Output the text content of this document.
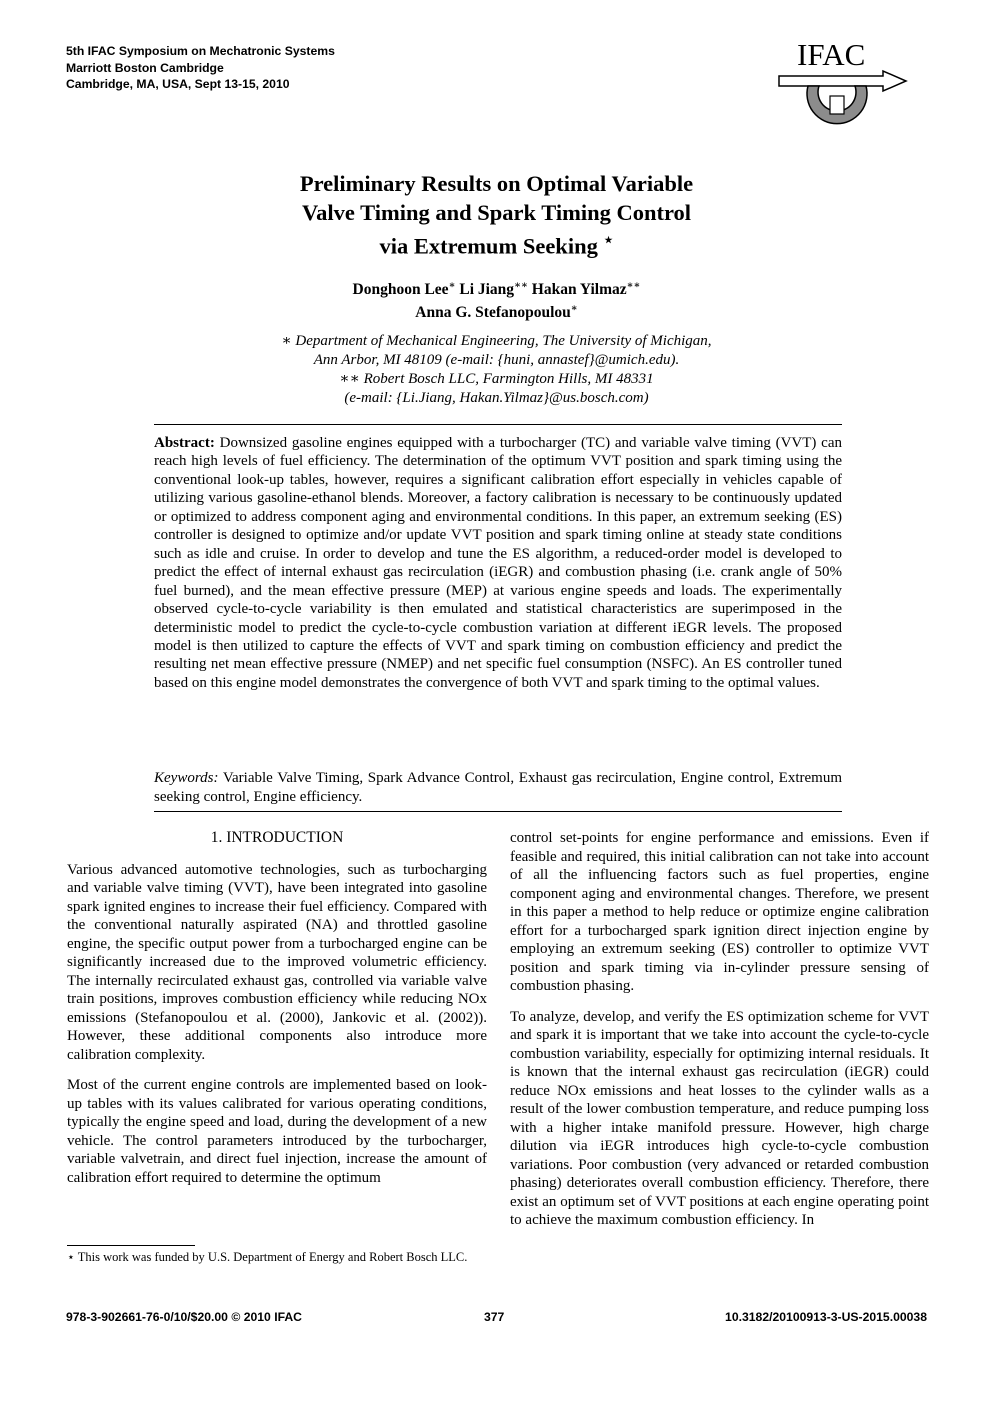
5th IFAC Symposium on Mechatronic Systems
Marriott Boston Cambridge
Cambridge, MA, USA, Sept 13-15, 2010
IFAC
Preliminary Results on Optimal Variable
Valve Timing and Spark Timing Control
via Extremum Seeking ⋆
Donghoon Lee∗ Li Jiang∗∗ Hakan Yilmaz∗∗
Anna G. Stefanopoulou∗
∗ Department of Mechanical Engineering, The University of Michigan,
Ann Arbor, MI 48109 (e-mail: {huni, annastef}@umich.edu).
∗∗ Robert Bosch LLC, Farmington Hills, MI 48331
(e-mail: {Li.Jiang, Hakan.Yilmaz}@us.bosch.com)
Abstract: Downsized gasoline engines equipped with a turbocharger (TC) and variable valve timing (VVT) can reach high levels of fuel efficiency. The determination of the optimum VVT position and spark timing using the conventional look-up tables, however, requires a significant calibration effort especially in vehicles capable of utilizing various gasoline-ethanol blends. Moreover, a factory calibration is necessary to be continuously updated or optimized to address component aging and environmental conditions. In this paper, an extremum seeking (ES) controller is designed to optimize and/or update VVT position and spark timing online at steady state conditions such as idle and cruise. In order to develop and tune the ES algorithm, a reduced-order model is developed to predict the effect of internal exhaust gas recirculation (iEGR) and combustion phasing (i.e. crank angle of 50% fuel burned), and the mean effective pressure (MEP) at various engine speeds and loads. The experimentally observed cycle-to-cycle variability is then emulated and statistical characteristics are superimposed in the deterministic model to predict the cycle-to-cycle combustion variation at different iEGR levels. The proposed model is then utilized to capture the effects of VVT and spark timing on combustion efficiency and predict the resulting net mean effective pressure (NMEP) and net specific fuel consumption (NSFC). An ES controller tuned based on this engine model demonstrates the convergence of both VVT and spark timing to the optimal values.
Keywords: Variable Valve Timing, Spark Advance Control, Exhaust gas recirculation, Engine control, Extremum seeking control, Engine efficiency.
1. INTRODUCTION

Various advanced automotive technologies, such as turbocharging and variable valve timing (VVT), have been integrated into gasoline spark ignited engines to increase their fuel efficiency. Compared with the conventional naturally aspirated (NA) and throttled gasoline engine, the specific output power from a turbocharged engine can be significantly increased due to the improved volumetric efficiency. The internally recirculated exhaust gas, controlled via variable valve train positions, improves combustion efficiency while reducing NOx emissions (Stefanopoulou et al. (2000), Jankovic et al. (2002)). However, these additional components also introduce more calibration complexity.

Most of the current engine controls are implemented based on look-up tables with its values calibrated for various operating conditions, typically the engine speed and load, during the development of a new vehicle. The control parameters introduced by the turbocharger, variable valvetrain, and direct fuel injection, increase the amount of calibration effort required to determine the optimum

control set-points for engine performance and emissions. Even if feasible and required, this initial calibration can not take into account of all the influencing factors such as fuel properties, engine component aging and environmental changes. Therefore, we present in this paper a method to help reduce or optimize engine calibration effort for a turbocharged spark ignition direct injection engine by employing an extremum seeking (ES) controller to optimize VVT position and spark timing via in-cylinder pressure sensing of combustion phasing.

To analyze, develop, and verify the ES optimization scheme for VVT and spark it is important that we take into account the cycle-to-cycle combustion variability, especially for optimizing internal residuals. It is known that the internal exhaust gas recirculation (iEGR) could reduce NOx emissions and heat losses to the cylinder walls as a result of the lower combustion temperature, and reduce pumping loss with a higher intake manifold pressure. However, high charge dilution via iEGR introduces high cycle-to-cycle combustion variations. Poor combustion (very advanced or retarded combustion phasing) deteriorates overall combustion efficiency. Therefore, there exist an optimum set of VVT positions at each engine operating point to achieve the maximum combustion efficiency. In

⋆ This work was funded by U.S. Department of Energy and Robert Bosch LLC.
978-3-902661-76-0/10/$20.00 © 2010 IFAC	377	10.3182/20100913-3-US-2015.00038
